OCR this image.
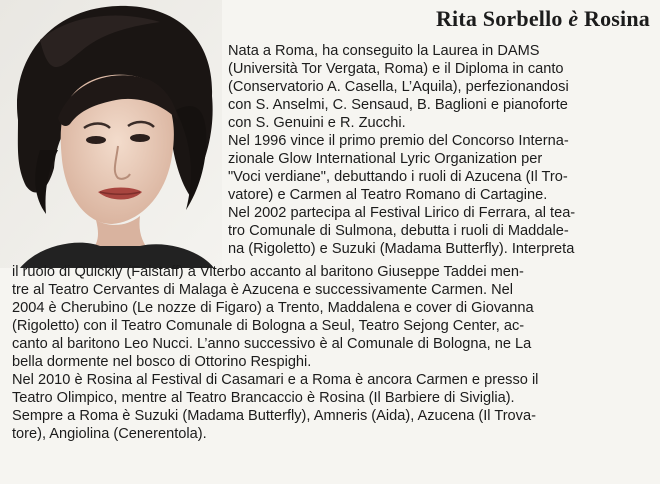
Rita Sorbello è Rosina
Nata a Roma, ha conseguito la Laurea in DAMS
(Università Tor Vergata, Roma) e il Diploma in canto
(Conservatorio A. Casella, L’Aquila), perfezionandosi
con S. Anselmi, C. Sensaud, B. Baglioni e pianoforte
con S. Genuini e R. Zucchi.
Nel 1996 vince il primo premio del Concorso Interna-
zionale Glow International Lyric Organization per
"Voci verdiane", debuttando i ruoli di Azucena (Il Tro-
vatore) e Carmen al Teatro Romano di Cartagine.
Nel 2002 partecipa al Festival Lirico di Ferrara, al tea-
tro Comunale di Sulmona, debutta i ruoli di Maddale-
na (Rigoletto) e Suzuki (Madama Butterfly). Interpreta
il ruolo di Quickly (Falstaff) a Viterbo accanto al baritono Giuseppe Taddei men-
tre al Teatro Cervantes di Malaga è Azucena e successivamente Carmen. Nel
2004 è Cherubino (Le nozze di Figaro) a Trento, Maddalena e cover di Giovanna
(Rigoletto) con il Teatro Comunale di Bologna a Seul, Teatro Sejong Center, ac-
canto al baritono Leo Nucci. L’anno successivo è al Comunale di Bologna, ne La
bella dormente nel bosco di Ottorino Respighi.
Nel 2010 è Rosina al Festival di Casamari e a Roma è ancora Carmen e presso il
Teatro Olimpico, mentre al Teatro Brancaccio è Rosina (Il Barbiere di Siviglia).
Sempre a Roma è Suzuki (Madama Butterfly), Amneris (Aida), Azucena (Il Trova-
tore), Angiolina (Cenerentola).
